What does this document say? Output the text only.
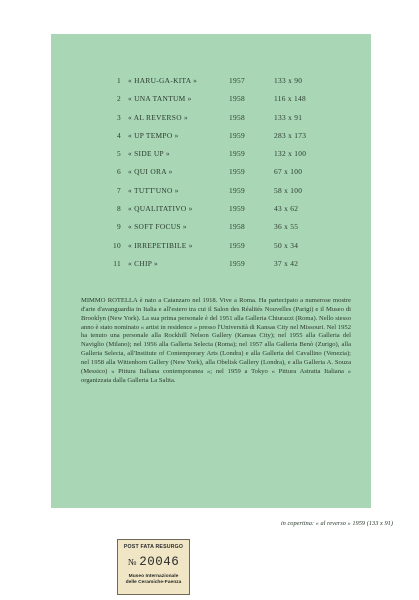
1 « HARU-GA-KITA »	1957	133 x 90
2 « UNA TANTUM »	1958	116 x 148
3 « AL REVERSO »	1958	133 x 91
4 « UP TEMPO »	1959	283 x 173
5 « SIDE UP »	1959	132 x 100
6 « QUI ORA »	1959	67 x 100
7 « TUTT'UNO »	1959	58 x 100
8 « QUALITATIVO »	1959	43 x 62
9 « SOFT FOCUS »	1958	36 x 55
10 « IRREPETIBILE »	1959	50 x 34
11 « CHIP »	1959	37 x 42

MIMMO ROTELLA è nato a Catanzaro nel 1918. Vive a Roma. Ha partecipato a numerose mostre d'arte d'avanguardia in Italia e all'estero tra cui il Salon des Réalités Nouvelles (Parigi) e il Museo di Brooklyn (New York). La sua prima personale è del 1951 alla Galleria Chiurazzi (Roma). Nello stesso anno è stato nominato « artist in residence » presso l'Università di Kansas City nel Missouri. Nel 1952 ha tenuto una personale alla Rockhill Nelson Gallery (Kansas City); nel 1955 alla Galleria del Naviglio (Milano); nel 1956 alla Galleria Selecta (Roma); nel 1957 alla Galleria Benò (Zurigo), alla Galleria Selecta, all'Institute of Contemporary Arts (Londra) e alla Galleria del Cavallino (Venezia); nel 1958 alla Wittenborn Gallery (New York), alla Obelisk Gallery (Londra), e alla Galleria A. Souza (Messico) « Pittura Italiana contemporanea »; nel 1959 a Tokyo « Pittura Astratta Italiana » organizzata dalla Galleria La Salita.

in copertina: « al reverso » 1959 (133 x 91)
POST FATA RESURGO
№ 20046
Museo Internazionale
delle Ceramiche-Faenza
